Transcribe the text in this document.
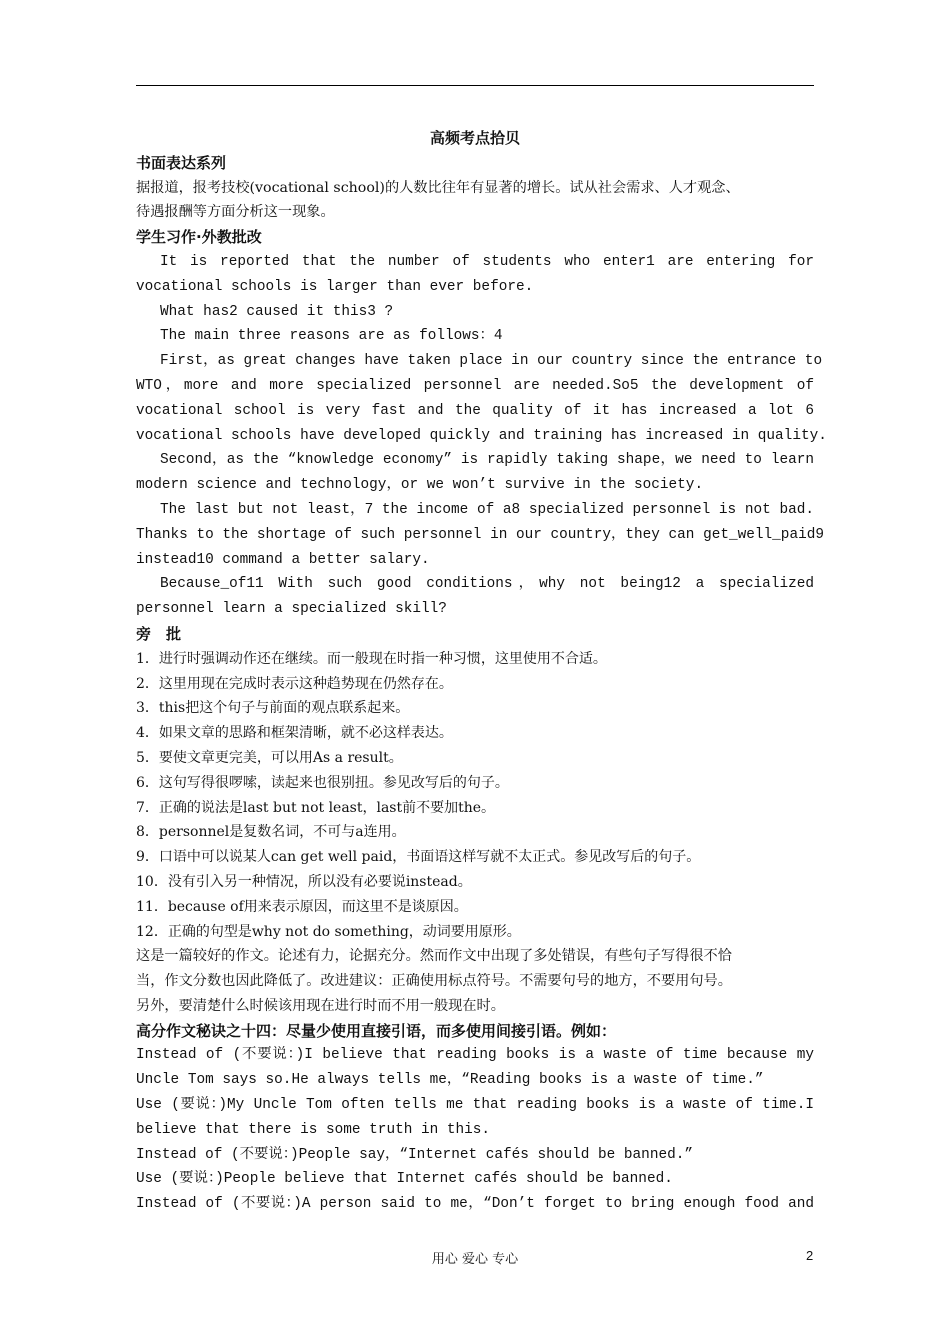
高频考点拾贝
书面表达系列
据报道，报考技校(vocational school)的人数比往年有显著的增长。试从社会需求、人才观念、
待遇报酬等方面分析这一现象。
学生习作·外教批改
It is reported that the number of students who enter1 are entering for
vocational schools is larger than ever before.
What has2 caused it this3 ?
The main three reasons are as follows：4
First，as great changes have taken place in our country since the entrance to
WTO，more and more specialized personnel are needed.So5 the development of
vocational school is very fast and the quality of it has increased a lot 6
vocational schools have developed quickly and training has increased in quality.
Second，as the “knowledge economy” is rapidly taking shape，we need to learn
modern science and technology，or we won’t survive in the society.
The last but not least，7 the income of a8 specialized personnel is not bad.
Thanks to the shortage of such personnel in our country，they can get_well_paid9
instead10 command a better salary.
Because_of11 With such good conditions，why not being12 a specialized
personnel learn a specialized skill?
旁　批
1．进行时强调动作还在继续。而一般现在时指一种习惯，这里使用不合适。
2．这里用现在完成时表示这种趋势现在仍然存在。
3．this把这个句子与前面的观点联系起来。
4．如果文章的思路和框架清晰，就不必这样表达。
5．要使文章更完美，可以用As a result。
6．这句写得很啰嗦，读起来也很别扭。参见改写后的句子。
7．正确的说法是last but not least，last前不要加the。
8．personnel是复数名词，不可与a连用。
9．口语中可以说某人can get well paid，书面语这样写就不太正式。参见改写后的句子。
10．没有引入另一种情况，所以没有必要说instead。
11．because of用来表示原因，而这里不是谈原因。
12．正确的句型是why not do something，动词要用原形。
这是一篇较好的作文。论述有力，论据充分。然而作文中出现了多处错误，有些句子写得很不恰
当，作文分数也因此降低了。改进建议：正确使用标点符号。不需要句号的地方，不要用句号。
另外，要清楚什么时候该用现在进行时而不用一般现在时。
高分作文秘诀之十四：尽量少使用直接引语，而多使用间接引语。例如：
Instead of (不要说：)I believe that reading books is a waste of time because my
Uncle Tom says so.He always tells me，“Reading books is a waste of time.”
Use (要说：)My Uncle Tom often tells me that reading books is a waste of time.I
believe that there is some truth in this.
Instead of (不要说：)People say，“Internet cafés should be banned.”
Use (要说：)People believe that Internet cafés should be banned.
Instead of (不要说：)A person said to me，“Don’t forget to bring enough food and
用心 爱心 专心	2
